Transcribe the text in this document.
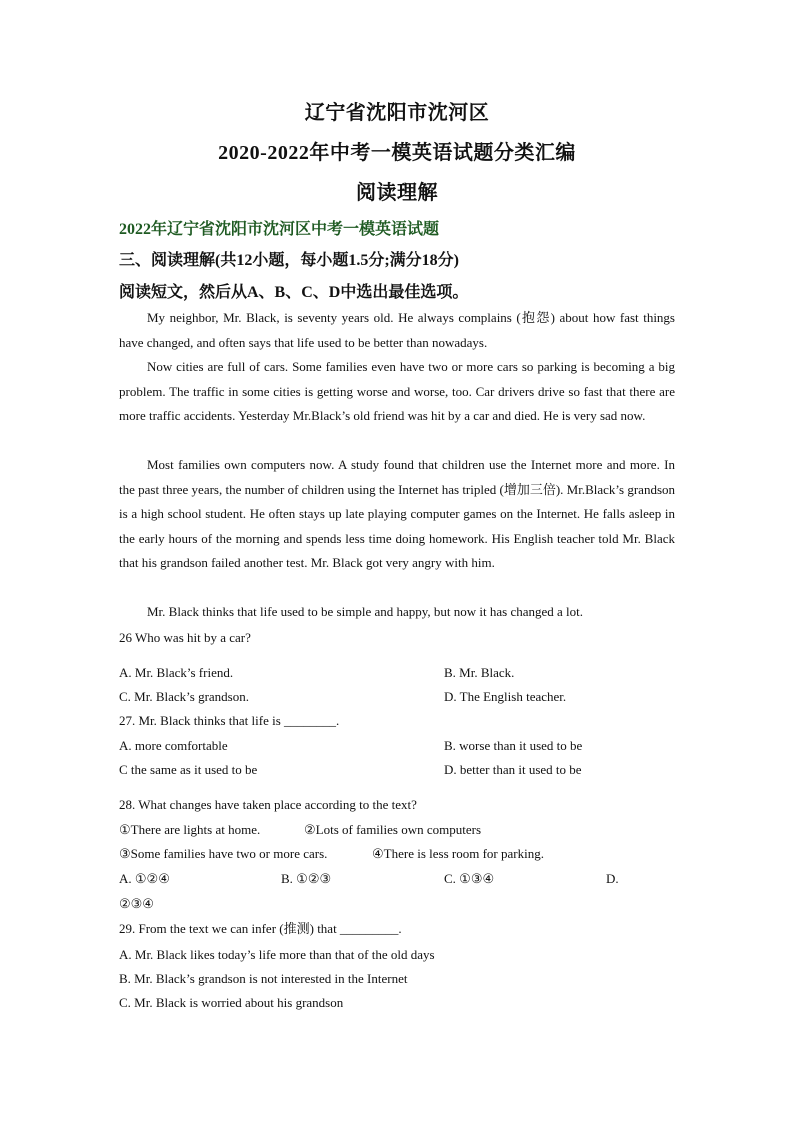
辽宁省沈阳市沈河区
2020-2022年中考一模英语试题分类汇编
阅读理解
2022年辽宁省沈阳市沈河区中考一模英语试题
三、阅读理解(共12小题，每小题1.5分;满分18分)
阅读短文，然后从A、B、C、D中选出最佳选项。
My neighbor, Mr. Black, is seventy years old. He always complains (抱怨) about how fast things have changed, and often says that life used to be better than nowadays.
Now cities are full of cars. Some families even have two or more cars so parking is becoming a big problem. The traffic in some cities is getting worse and worse, too. Car drivers drive so fast that there are more traffic accidents. Yesterday Mr.Black’s old friend was hit by a car and died. He is very sad now.
Most families own computers now. A study found that children use the Internet more and more. In the past three years, the number of children using the Internet has tripled (增加三倍). Mr.Black’s grandson is a high school student. He often stays up late playing computer games on the Internet. He falls asleep in the early hours of the morning and spends less time doing homework. His English teacher told Mr. Black that his grandson failed another test. Mr. Black got very angry with him.
Mr. Black thinks that life used to be simple and happy, but now it has changed a lot.
26 Who was hit by a car?
A. Mr. Black’s friend.	B. Mr. Black.
C. Mr. Black’s grandson.	D. The English teacher.
27. Mr. Black thinks that life is ________.
A. more comfortable	B. worse than it used to be
C the same as it used to be	D. better than it used to be
28. What changes have taken place according to the text?
①There are lights at home.	②Lots of families own computers
③Some families have two or more cars.	④There is less room for parking.
A. ①②④	B. ①②③	C. ①③④	D.
②③④
29. From the text we can infer (推测) that _________.
A. Mr. Black likes today’s life more than that of the old days
B. Mr. Black’s grandson is not interested in the Internet
C. Mr. Black is worried about his grandson
